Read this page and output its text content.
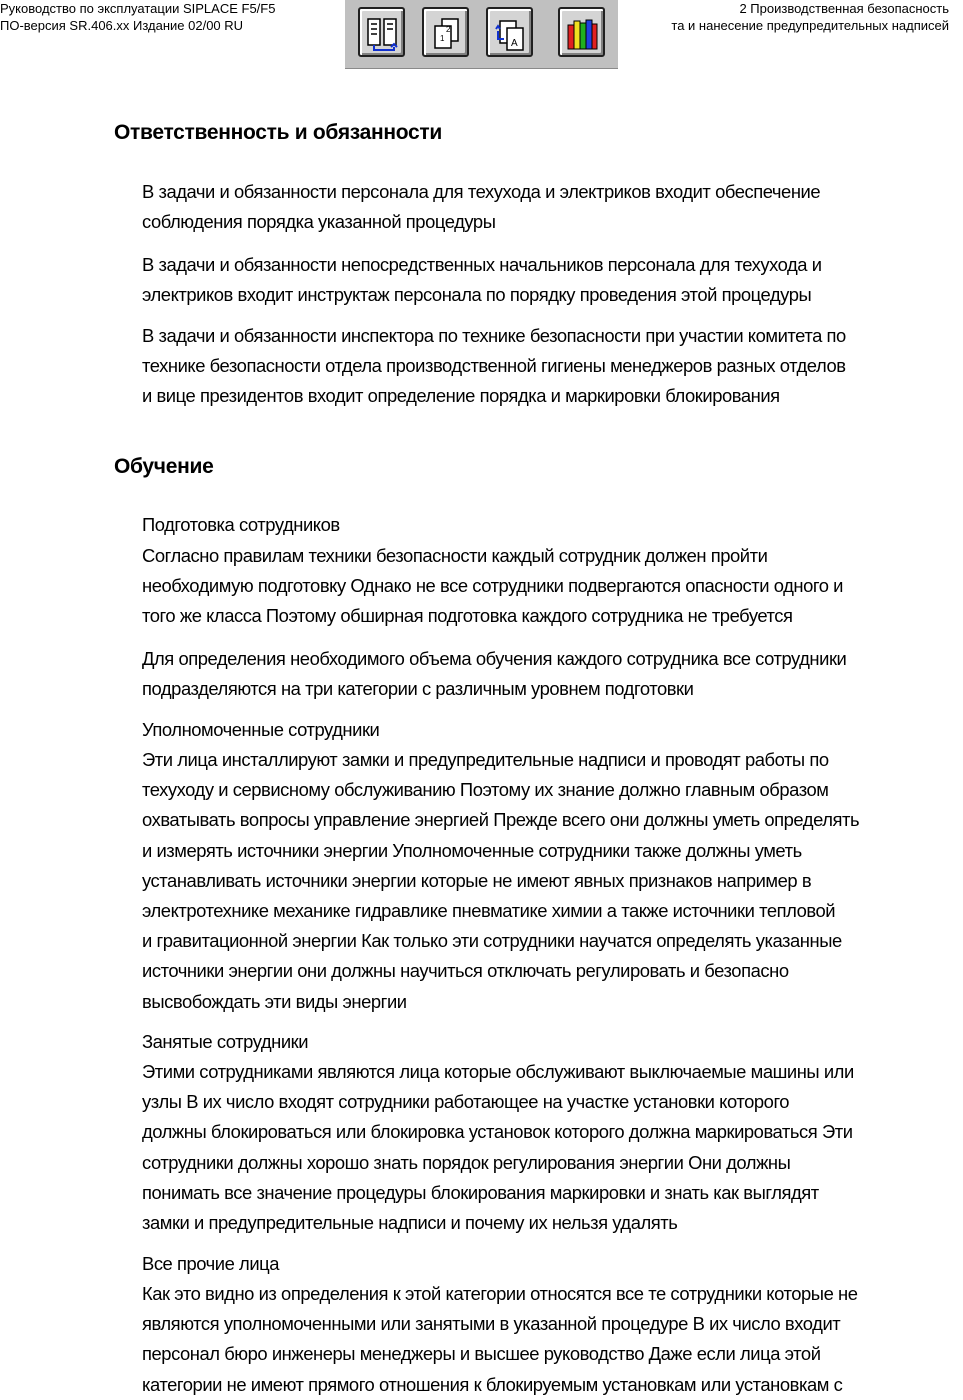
Руководство по эксплуатации SIPLACE F5/F5
ПО-версия SR.406.xx Издание 02/00 RU
2 Производственная безопасность
та и нанесение предупредительных надписей
2
1	A
Ответственность и обязанности

В задачи и обязанности персонала для техухода и электриков входит обеспечение
соблюдения порядка указанной процедуры

В задачи и обязанности непосредственных начальников персонала для техухода и
электриков входит инструктаж персонала по порядку проведения этой процедуры

В задачи и обязанности инспектора по технике безопасности при участии комитета по
технике безопасности отдела производственной гигиены менеджеров разных отделов
и вице президентов входит определение порядка и маркировки блокирования

Обучение

Подготовка сотрудников

Согласно правилам техники безопасности каждый сотрудник должен пройти
необходимую подготовку Однако не все сотрудники подвергаются опасности одного и
того же класса Поэтому обширная подготовка каждого сотрудника не требуется

Для определения необходимого объема обучения каждого сотрудника все сотрудники
подразделяются на три категории с различным уровнем подготовки

Уполномоченные сотрудники

Эти лица инсталлируют замки и предупредительные надписи и проводят работы по
техуходу и сервисному обслуживанию Поэтому их знание должно главным образом
охватывать вопросы управление энергией Прежде всего они должны уметь определять
и измерять источники энергии Уполномоченные сотрудники также должны уметь
устанавливать источники энергии которые не имеют явных признаков например в
электротехнике механике гидравлике пневматике химии а также источники тепловой
и гравитационной энергии Как только эти сотрудники научатся определять указанные
источники энергии они должны научиться отключать регулировать и безопасно
высвобождать эти виды энергии

Занятые сотрудники

Этими сотрудниками являются лица которые обслуживают выключаемые машины или
узлы В их число входят сотрудники работающее на участке установки которого
должны блокироваться или блокировка установок которого должна маркироваться Эти
сотрудники должны хорошо знать порядок регулирования энергии Они должны
понимать все значение процедуры блокирования маркировки и знать как выглядят
замки и предупредительные надписи и почему их нельзя удалять

Все прочие лица

Как это видно из определения к этой категории относятся все те сотрудники которые не
являются уполномоченными или занятыми в указанной процедуре В их число входит
персонал бюро инженеры менеджеры и высшее руководство Даже если лица этой
категории не имеют прямого отношения к блокируемым установкам или установкам с
